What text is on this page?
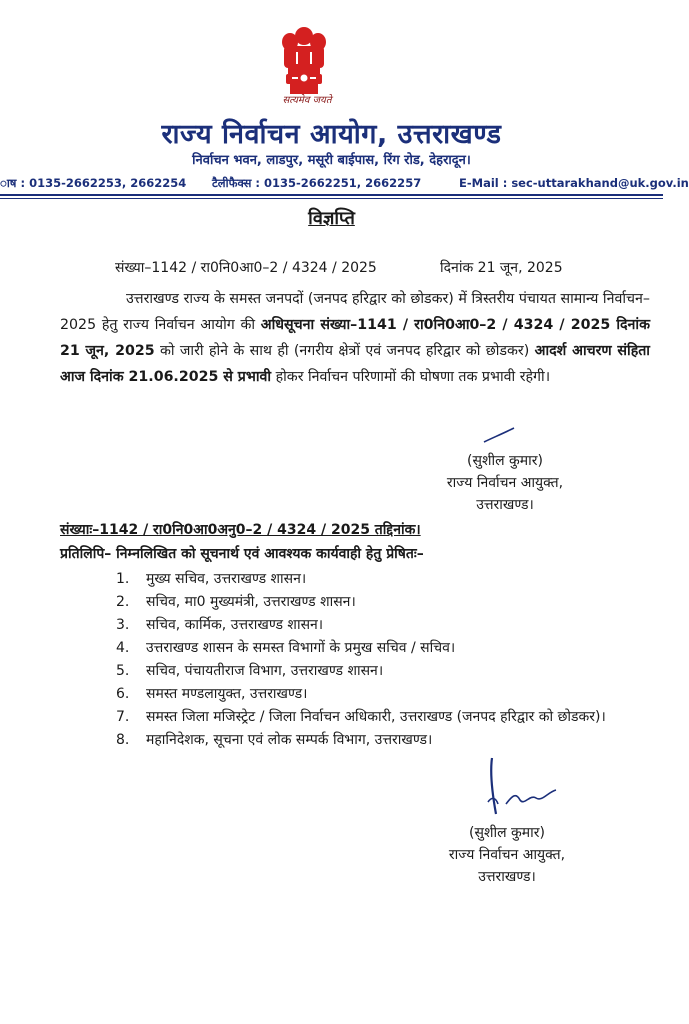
सत्यमेव जयते
राज्य निर्वाचन आयोग, उत्तराखण्ड
निर्वाचन भवन, लाडपुर, मसूरी बाईपास, रिंग रोड, देहरादून।
ाष : 0135-2662253, 2662254 टैलीफैक्स : 0135-2662251, 2662257	E-Mail : sec-uttarakhand@uk.gov.in
विज्ञप्ति
संख्या–1142 / रा0नि0आ0–2 / 4324 / 2025	दिनांक 21 जून, 2025
उत्तराखण्ड राज्य के समस्त जनपदों (जनपद हरिद्वार को छोडकर) में त्रिस्तरीय पंचायत सामान्य निर्वाचन–2025 हेतु राज्य निर्वाचन आयोग की अधिसूचना संख्या–1141 / रा0नि0आ0–2 / 4324 / 2025 दिनांक 21 जून, 2025 को जारी होने के साथ ही (नगरीय क्षेत्रों एवं जनपद हरिद्वार को छोडकर) आदर्श आचरण संहिता आज दिनांक 21.06.2025 से प्रभावी होकर निर्वाचन परिणामों की घोषणा तक प्रभावी रहेगी।
(सुशील कुमार)
राज्य निर्वाचन आयुक्त,
उत्तराखण्ड।
संख्याः–1142 / रा0नि0आ0अनु0–2 / 4324 / 2025 तद्दिनांक।
प्रतिलिपि– निम्नलिखित को सूचनार्थ एवं आवश्यक कार्यवाही हेतु प्रेषितः–
1. मुख्य सचिव, उत्तराखण्ड शासन।
2. सचिव, मा0 मुख्यमंत्री, उत्तराखण्ड शासन।
3. सचिव, कार्मिक, उत्तराखण्ड शासन।
4. उत्तराखण्ड शासन के समस्त विभागों के प्रमुख सचिव / सचिव।
5. सचिव, पंचायतीराज विभाग, उत्तराखण्ड शासन।
6. समस्त मण्डलायुक्त, उत्तराखण्ड।
7. समस्त जिला मजिस्ट्रेट / जिला निर्वाचन अधिकारी, उत्तराखण्ड (जनपद हरिद्वार को छोडकर)।
8. महानिदेशक, सूचना एवं लोक सम्पर्क विभाग, उत्तराखण्ड।
(सुशील कुमार)
राज्य निर्वाचन आयुक्त,
उत्तराखण्ड।
